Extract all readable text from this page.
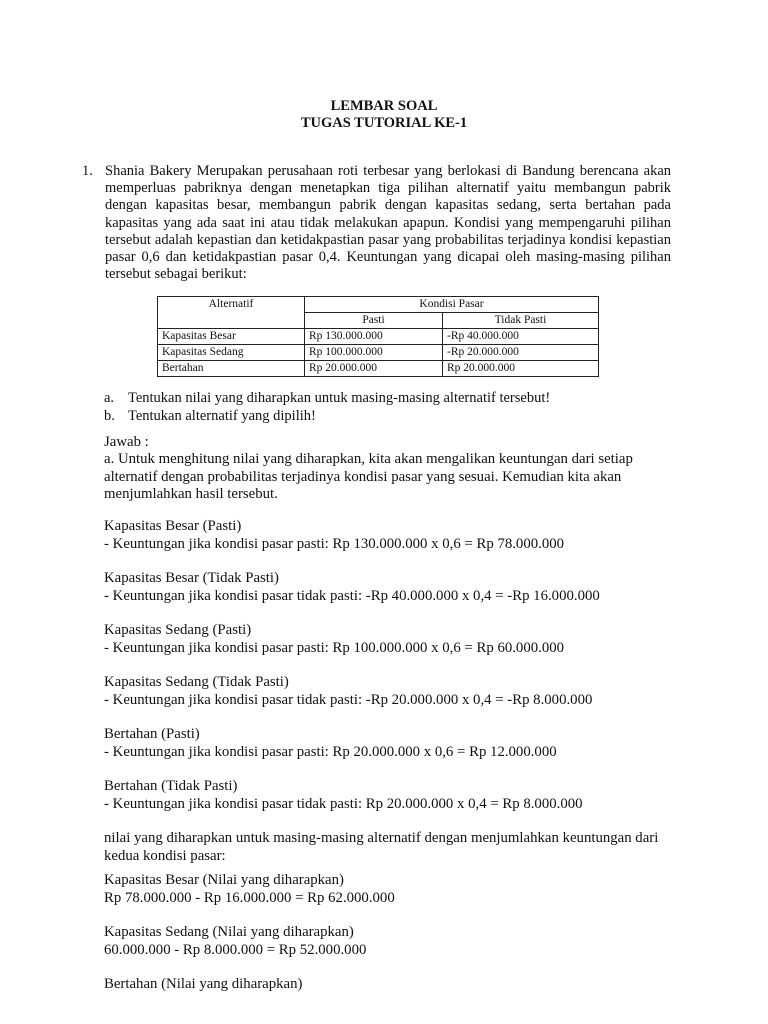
LEMBAR SOAL
TUGAS TUTORIAL KE-1
1. Shania Bakery Merupakan perusahaan roti terbesar yang berlokasi di Bandung berencana akan memperluas pabriknya dengan menetapkan tiga pilihan alternatif yaitu membangun pabrik dengan kapasitas besar, membangun pabrik dengan kapasitas sedang, serta bertahan pada kapasitas yang ada saat ini atau tidak melakukan apapun. Kondisi yang mempengaruhi pilihan tersebut adalah kepastian dan ketidakpastian pasar yang probabilitas terjadinya kondisi kepastian pasar 0,6 dan ketidakpastian pasar 0,4. Keuntungan yang dicapai oleh masing-masing pilihan tersebut sebagai berikut:
Alternatif	Kondisi Pasar	
	Pasti	Tidak Pasti
Kapasitas Besar	Rp 130.000.000	-Rp 40.000.000
Kapasitas Sedang	Rp 100.000.000	-Rp 20.000.000
Bertahan	Rp 20.000.000	Rp 20.000.000
a. Tentukan nilai yang diharapkan untuk masing-masing alternatif tersebut!
b. Tentukan alternatif yang dipilih!
Jawab :
a. Untuk menghitung nilai yang diharapkan, kita akan mengalikan keuntungan dari setiap alternatif dengan probabilitas terjadinya kondisi pasar yang sesuai. Kemudian kita akan menjumlahkan hasil tersebut.
Kapasitas Besar (Pasti)
- Keuntungan jika kondisi pasar pasti: Rp 130.000.000 x 0,6 = Rp 78.000.000
Kapasitas Besar (Tidak Pasti)
- Keuntungan jika kondisi pasar tidak pasti: -Rp 40.000.000 x 0,4 = -Rp 16.000.000
Kapasitas Sedang (Pasti)
- Keuntungan jika kondisi pasar pasti: Rp 100.000.000 x 0,6 = Rp 60.000.000
Kapasitas Sedang (Tidak Pasti)
- Keuntungan jika kondisi pasar tidak pasti: -Rp 20.000.000 x 0,4 = -Rp 8.000.000
Bertahan (Pasti)
- Keuntungan jika kondisi pasar pasti: Rp 20.000.000 x 0,6 = Rp 12.000.000
Bertahan (Tidak Pasti)
- Keuntungan jika kondisi pasar tidak pasti: Rp 20.000.000 x 0,4 = Rp 8.000.000
nilai yang diharapkan untuk masing-masing alternatif dengan menjumlahkan keuntungan dari kedua kondisi pasar:
Kapasitas Besar (Nilai yang diharapkan)
Rp 78.000.000 - Rp 16.000.000 = Rp 62.000.000
Kapasitas Sedang (Nilai yang diharapkan)
60.000.000 - Rp 8.000.000 = Rp 52.000.000
Bertahan (Nilai yang diharapkan)
